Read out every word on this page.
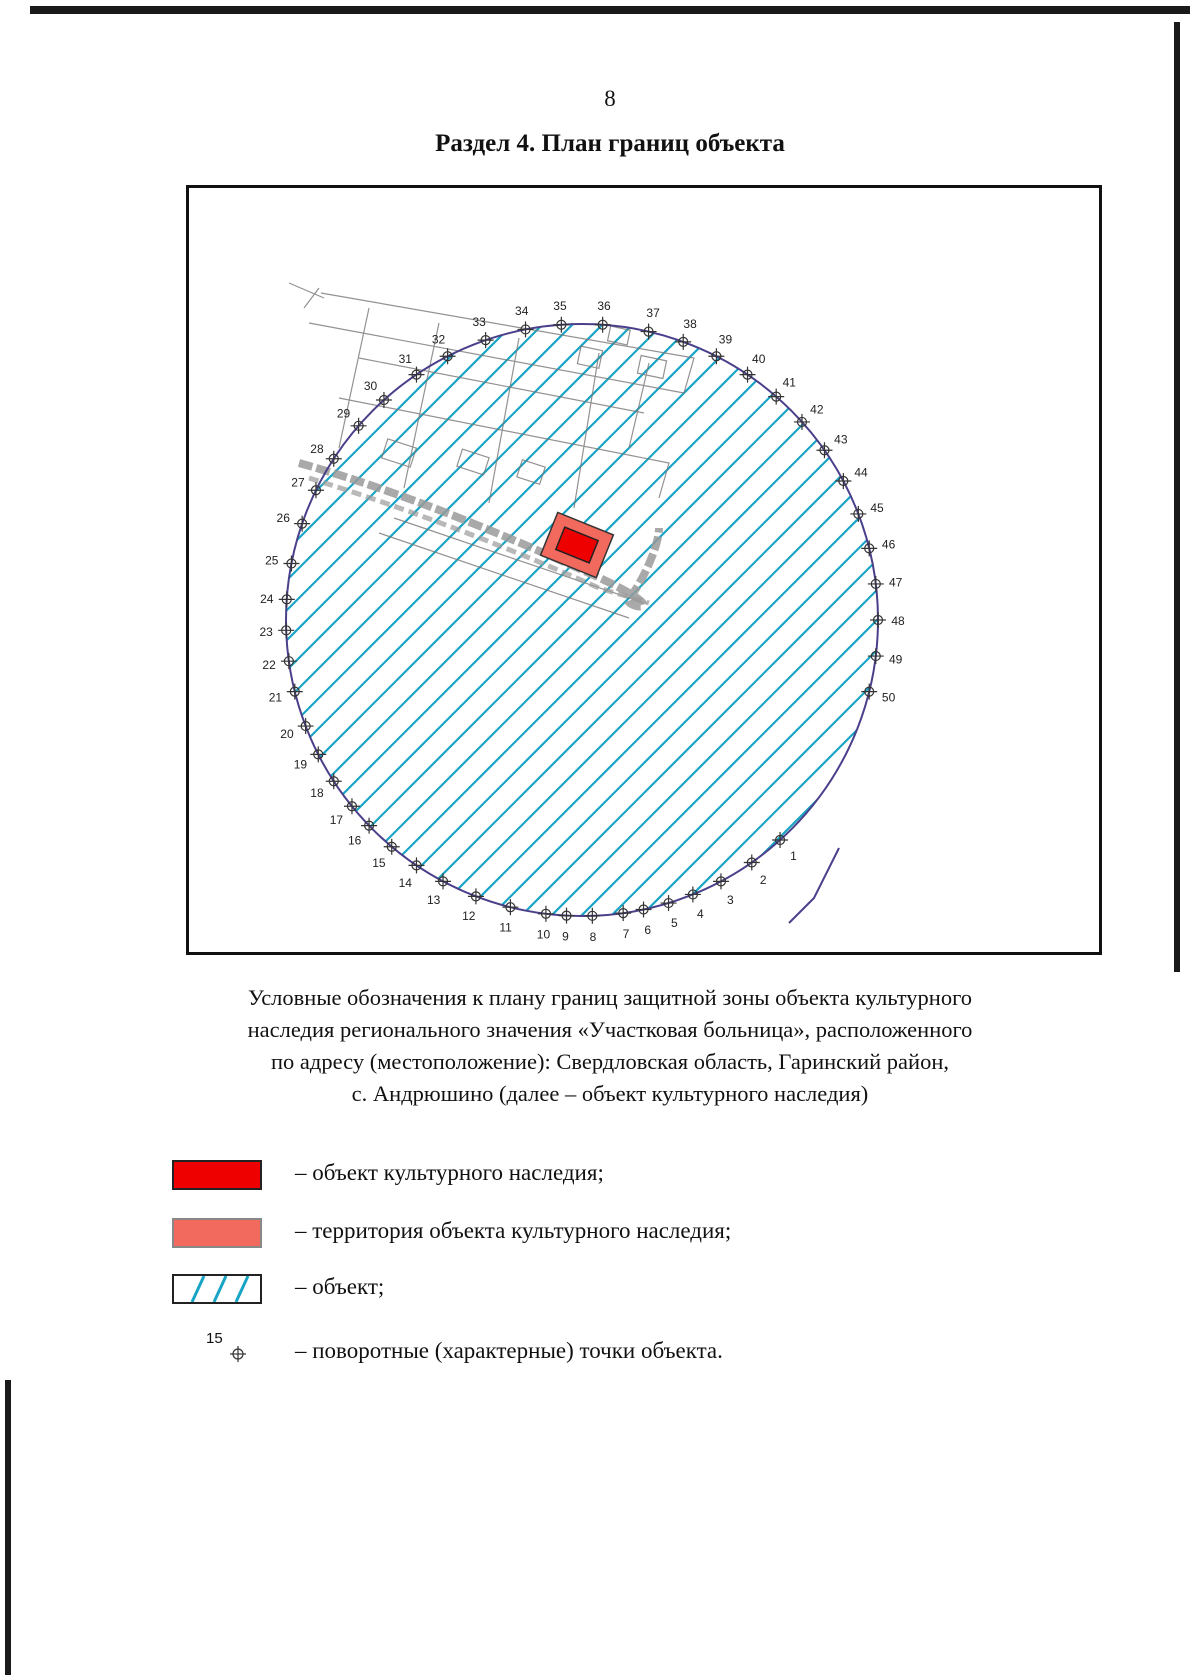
8
Раздел 4. План границ объекта
1
2
3
4
5
6
7
8
9
10
11
12
13
14
15
16
17
18
19
20
21
22
23
24
25
26
27
28
29
30
31
32
33
34 35	36
37
38
39
40
41
42
43
44
45
46
47
48
49
50
Условные обозначения к плану границ защитной зоны объекта культурного
наследия регионального значения «Участковая больница», расположенного
по адресу (местоположение): Свердловская область, Гаринский район,
с. Андрюшино (далее – объект культурного наследия)
– объект культурного наследия;
– территория объекта культурного наследия;
– объект;
15	– поворотные (характерные) точки объекта.
